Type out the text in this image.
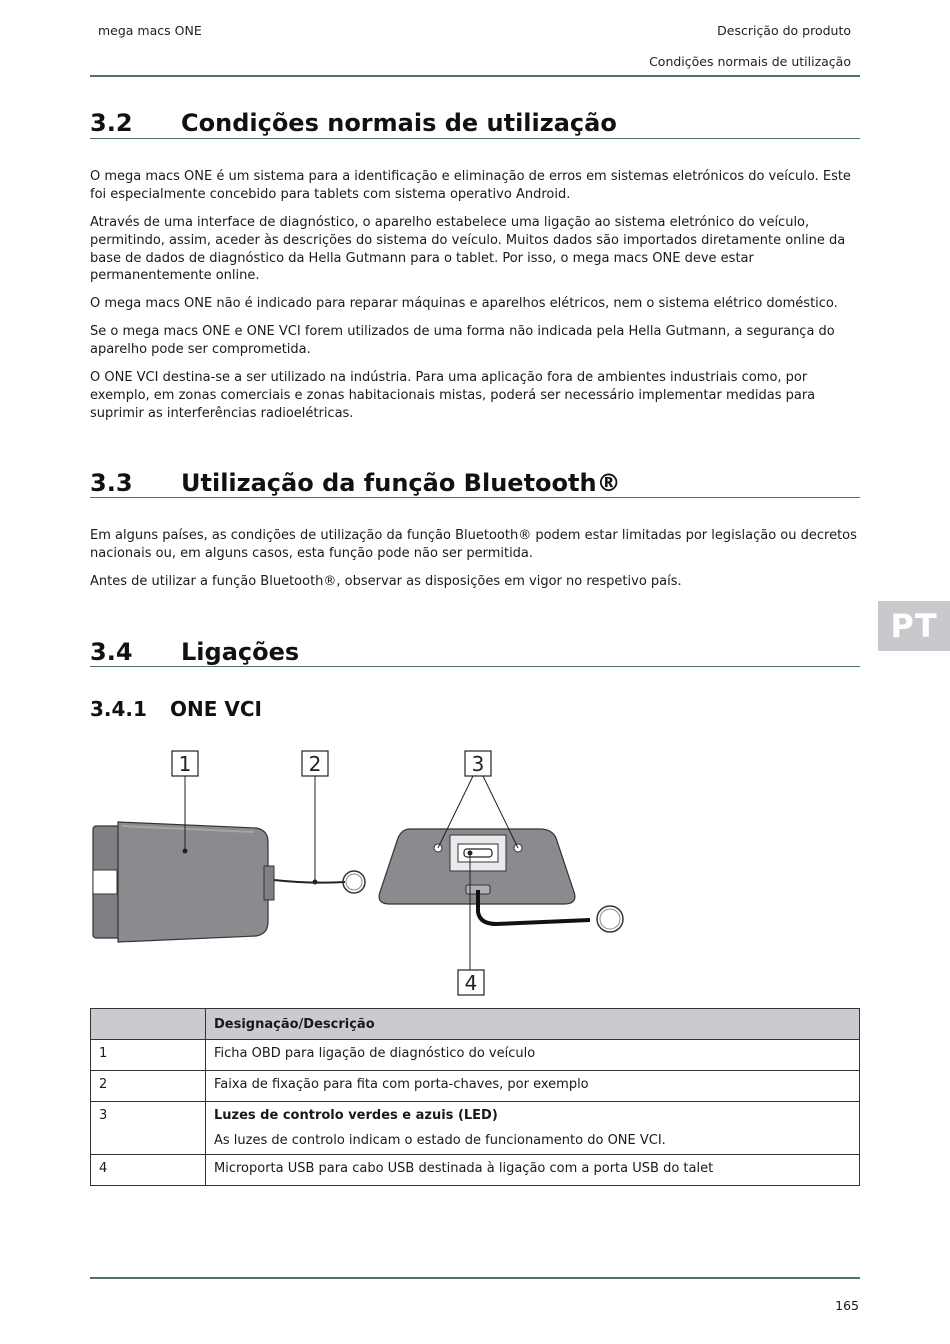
mega macs ONE	Descrição do produto
Condições normais de utilização
3.2 Condições normais de utilização

O mega macs ONE é um sistema para a identificação e eliminação de erros em sistemas eletrónicos do veículo. Este foi especialmente concebido para tablets com sistema operativo Android.

Através de uma interface de diagnóstico, o aparelho estabelece uma ligação ao sistema eletrónico do veículo, permitindo, assim, aceder às descrições do sistema do veículo. Muitos dados são importados diretamente online da base de dados de diagnóstico da Hella Gutmann para o tablet. Por isso, o mega macs ONE deve estar permanentemente online.

O mega macs ONE não é indicado para reparar máquinas e aparelhos elétricos, nem o sistema elétrico doméstico.

Se o mega macs ONE e ONE VCI forem utilizados de uma forma não indicada pela Hella Gutmann, a segurança do aparelho pode ser comprometida.

O ONE VCI destina-se a ser utilizado na indústria. Para uma aplicação fora de ambientes industriais como, por exemplo, em zonas comerciais e zonas habitacionais mistas, poderá ser necessário implementar medidas para suprimir as interferências radioelétricas.

3.3 Utilização da função Bluetooth®

Em alguns países, as condições de utilização da função Bluetooth® podem estar limitadas por legislação ou decretos nacionais ou, em alguns casos, esta função pode não ser permitida.

Antes de utilizar a função Bluetooth®, observar as disposições em vigor no respetivo país.

PT
3.4 Ligações
3.4.1 ONE VCI
1	2	3
4
	Designação/Descrição
1	Ficha OBD para ligação de diagnóstico do veículo
2	Faixa de fixação para fita com porta-chaves, por exemplo
3	Luzes de controlo verdes e azuis (LED)
As luzes de controlo indicam o estado de funcionamento do ONE VCI.

4	Microporta USB para cabo USB destinada à ligação com a porta USB do talet
165
